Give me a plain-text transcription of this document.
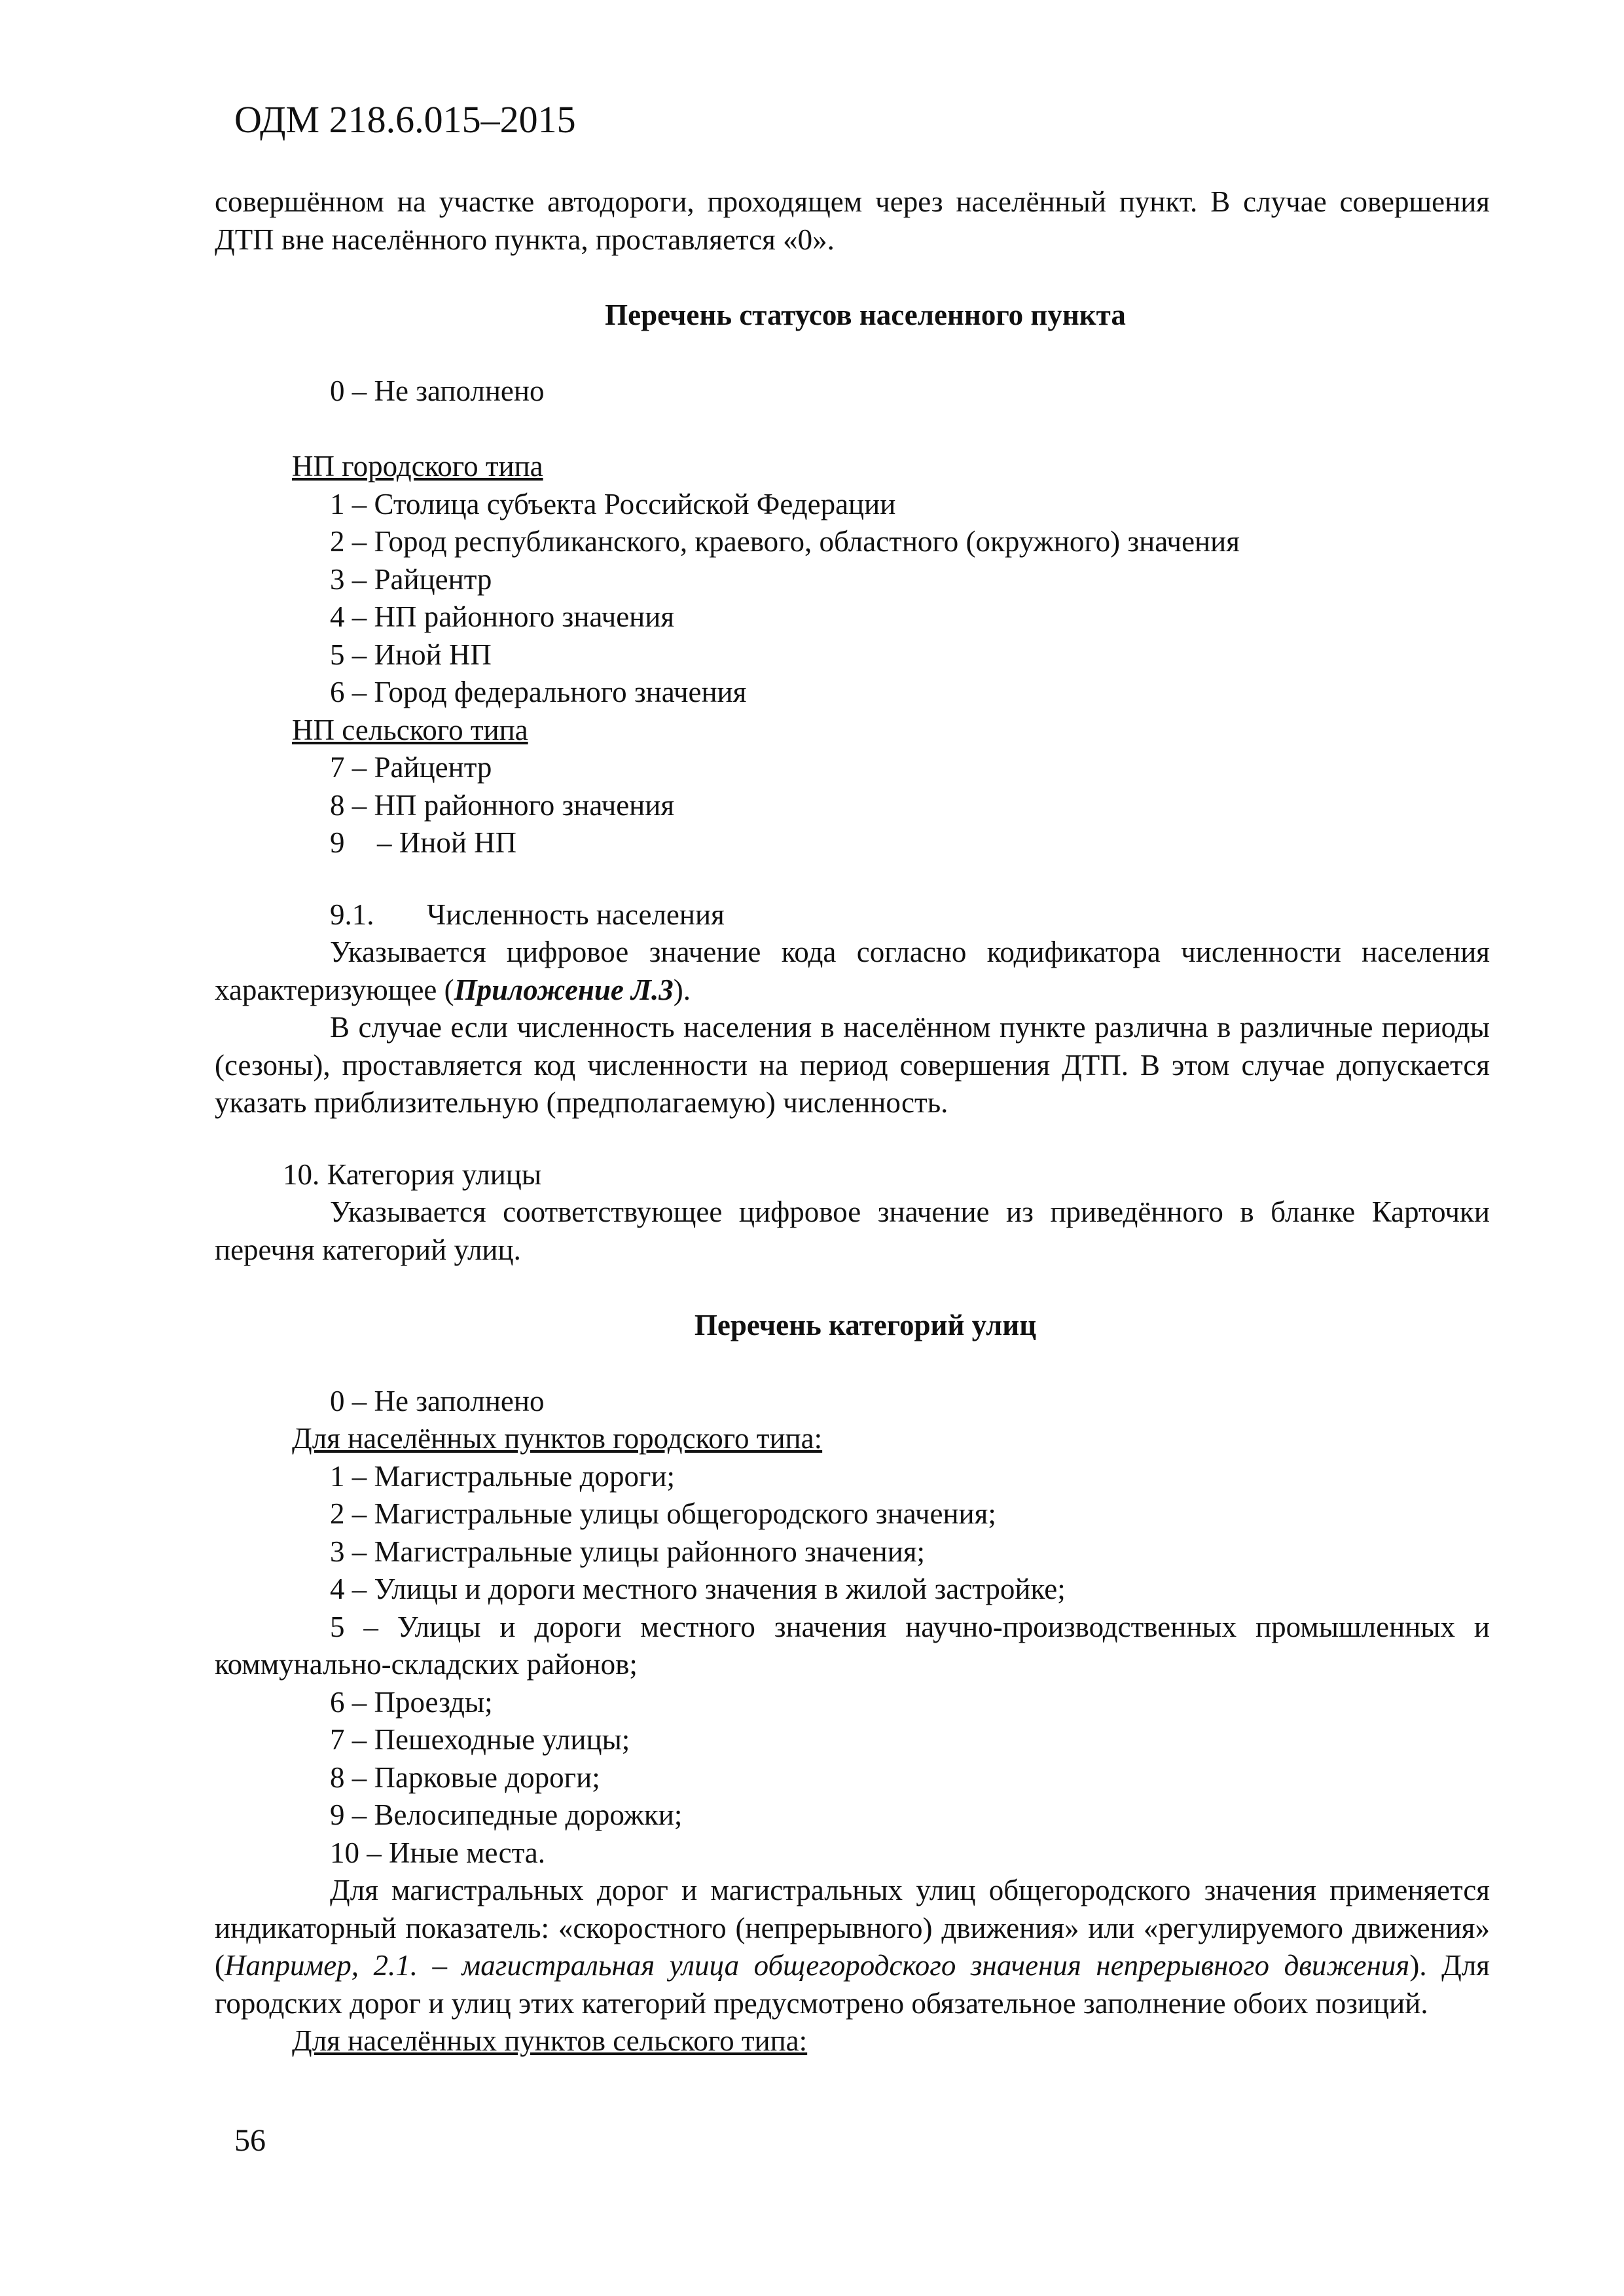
ОДМ 218.6.015–2015

совершённом на участке автодороги, проходящем через населённый пункт. В случае совершения ДТП вне населённого пункта, проставляется «0».

Перечень статусов населенного пункта

0 – Не заполнено

НП городского типа

1 – Столица субъекта Российской Федерации

2 – Город республиканского, краевого, областного (окружного) значения

3 – Райцентр

4 – НП районного значения

5 – Иной НП

6 – Город федерального значения

НП сельского типа

7 – Райцентр

8 – НП районного значения

9 – Иной НП

9.1. Численность населения

Указывается цифровое значение кода согласно кодификатора численности населения характеризующее (Приложение Л.3).

В случае если численность населения в населённом пункте различна в различные периоды (сезоны), проставляется код численности на период совершения ДТП. В этом случае допускается указать приблизительную (предполагаемую) численность.

10. Категория улицы

Указывается соответствующее цифровое значение из приведённого в бланке Карточки перечня категорий улиц.

Перечень категорий улиц

0 – Не заполнено

Для населённых пунктов городского типа:

1 – Магистральные дороги;

2 – Магистральные улицы общегородского значения;

3 – Магистральные улицы районного значения;

4 – Улицы и дороги местного значения в жилой застройке;

5 – Улицы и дороги местного значения научно-производственных промышленных и коммунально-складских районов;

6 – Проезды;

7 – Пешеходные улицы;

8 – Парковые дороги;

9 – Велосипедные дорожки;

10 – Иные места.

Для магистральных дорог и магистральных улиц общегородского значения применяется индикаторный показатель: «скоростного (непрерывного) движения» или «регулируемого движения» (Например, 2.1. – магистральная улица общегородского значения непрерывного движения). Для городских дорог и улиц этих категорий предусмотрено обязательное заполнение обоих позиций.

Для населённых пунктов сельского типа:

56
